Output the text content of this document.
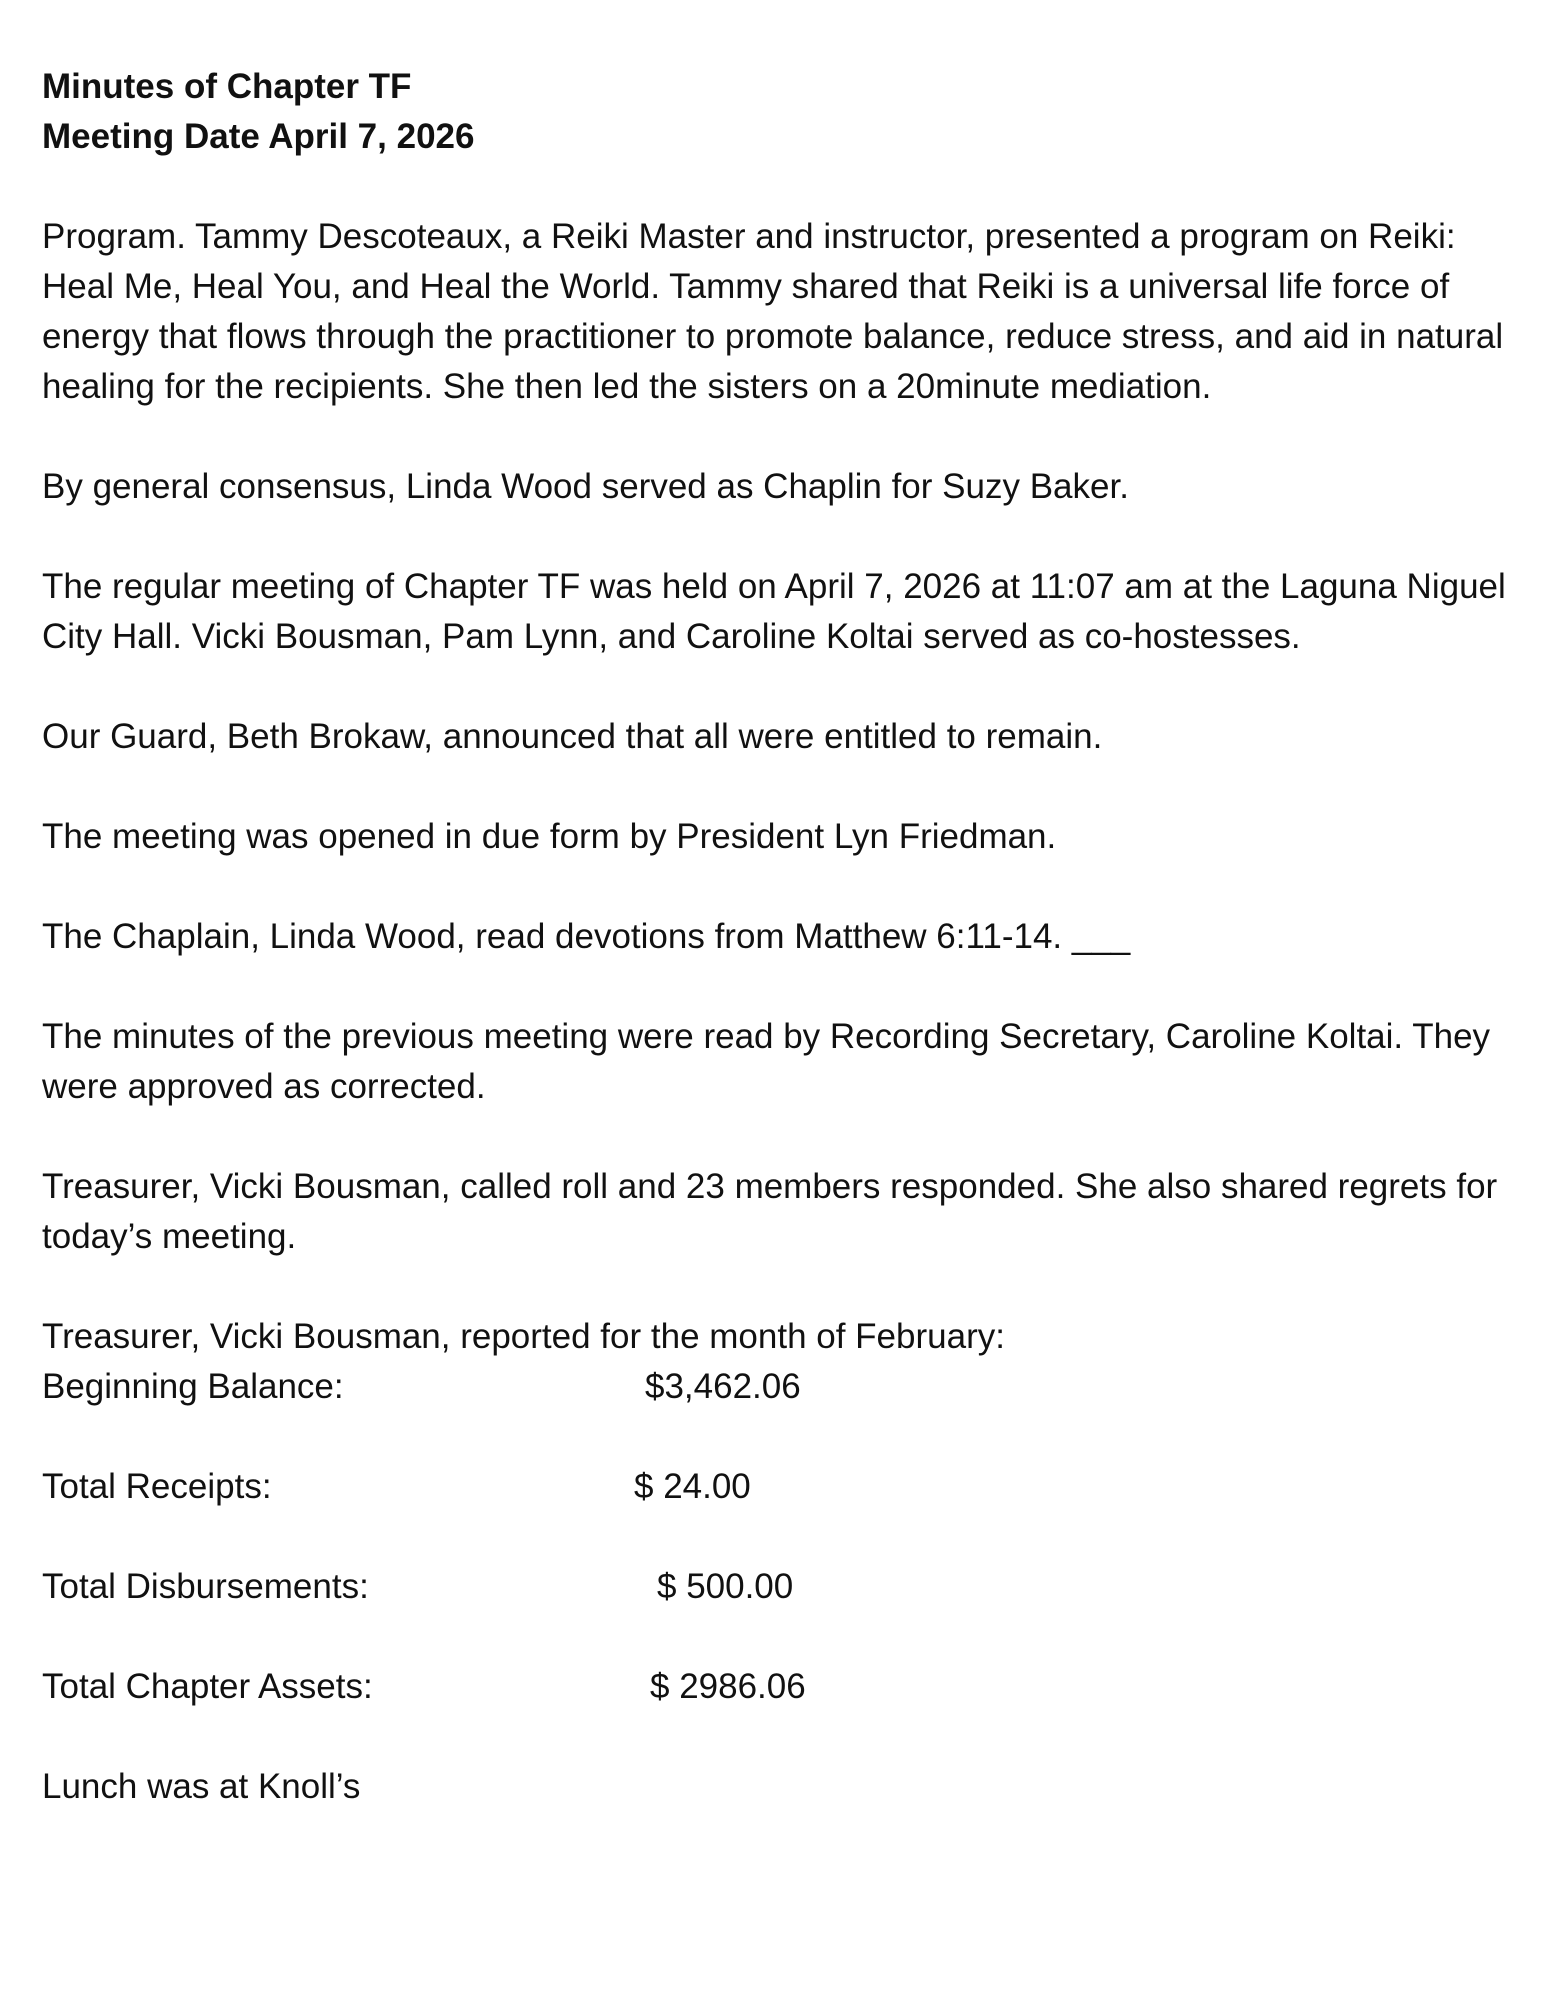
Minutes of Chapter TF

Meeting Date April 7, 2026

Program. Tammy Descoteaux, a Reiki Master and instructor, presented a program on Reiki: Heal Me, Heal You, and Heal the World. Tammy shared that Reiki is a universal life force of energy that flows through the practitioner to promote balance, reduce stress, and aid in natural healing for the recipients. She then led the sisters on a 20minute mediation.

By general consensus, Linda Wood served as Chaplin for Suzy Baker.

The regular meeting of Chapter TF was held on April 7, 2026 at 11:07 am at the Laguna Niguel City Hall. Vicki Bousman, Pam Lynn, and Caroline Koltai served as co-hostesses.

Our Guard, Beth Brokaw, announced that all were entitled to remain.

The meeting was opened in due form by President Lyn Friedman.

The Chaplain, Linda Wood, read devotions from Matthew 6:11-14. ___

The minutes of the previous meeting were read by Recording Secretary, Caroline Koltai. They were approved as corrected.

Treasurer, Vicki Bousman, called roll and 23 members responded. She also shared regrets for today’s meeting.

Treasurer, Vicki Bousman, reported for the month of February:

Beginning Balance:	$3,462.06
Total Receipts:	$ 24.00
Total Disbursements:	$ 500.00
Total Chapter Assets:	$ 2986.06

Lunch was at Knoll’s
